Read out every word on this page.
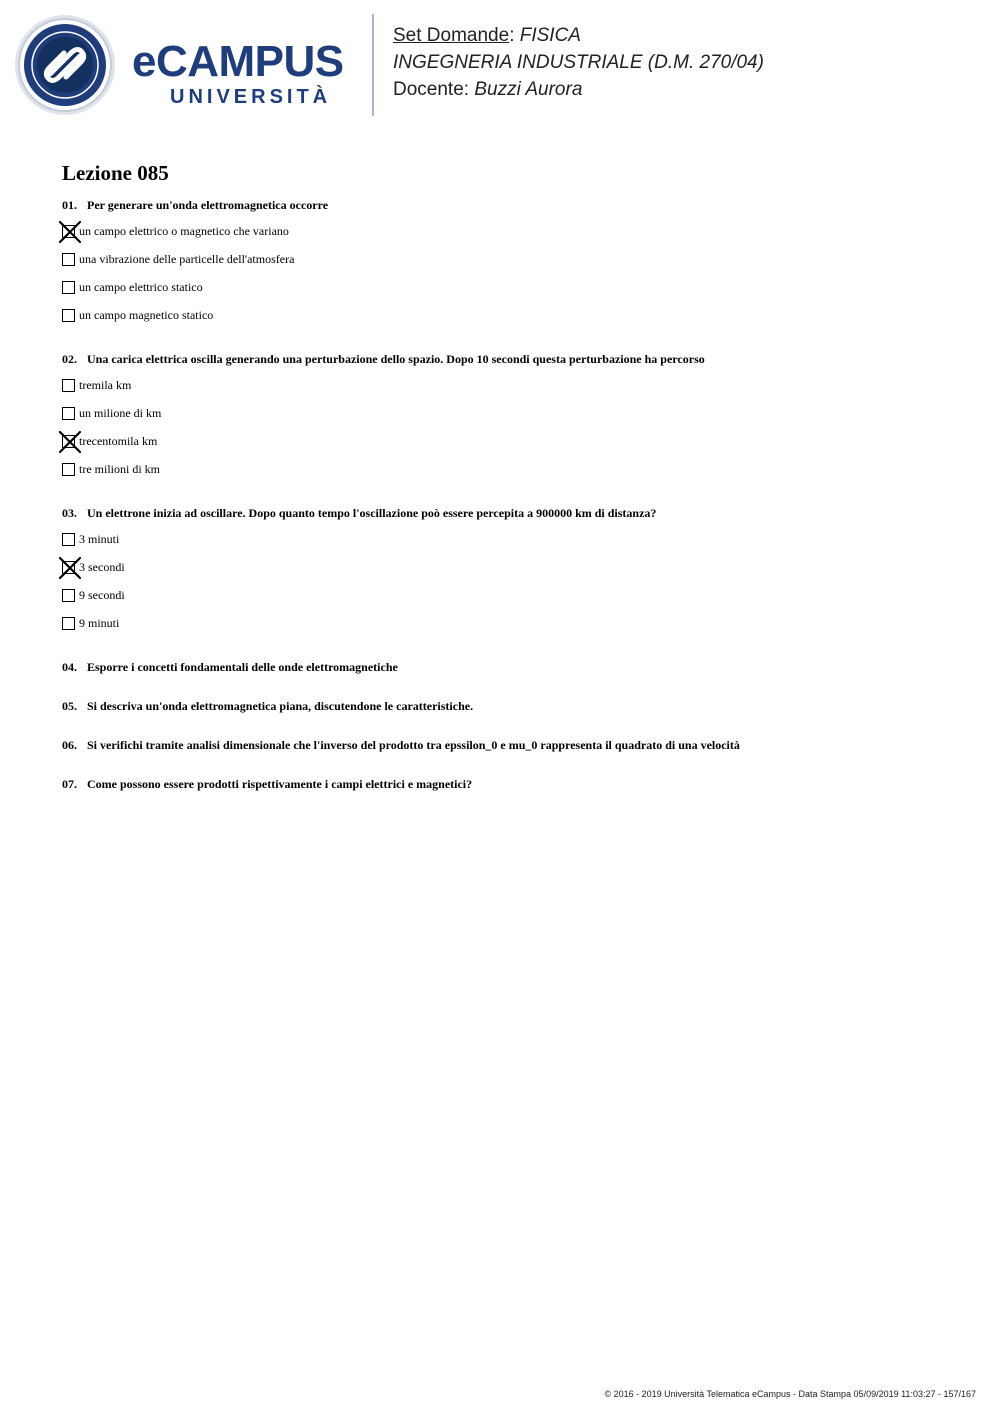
eCAMPUS
UNIVERSITÀ
Set Domande: FISICA
INGEGNERIA INDUSTRIALE (D.M. 270/04)
Docente: Buzzi Aurora
Lezione 085
01. Per generare un'onda elettromagnetica occorre
un campo elettrico o magnetico che variano
una vibrazione delle particelle dell'atmosfera
un campo elettrico statico
un campo magnetico statico
02. Una carica elettrica oscilla generando una perturbazione dello spazio. Dopo 10 secondi questa perturbazione ha percorso
tremila km
un milione di km
trecentomila km
tre milioni di km
03. Un elettrone inizia ad oscillare. Dopo quanto tempo l'oscillazione poò essere percepita a 900000 km di distanza?
3 minuti
3 secondi
9 secondi
9 minuti
04. Esporre i concetti fondamentali delle onde elettromagnetiche
05. Si descriva un'onda elettromagnetica piana, discutendone le caratteristiche.
06. Si verifichi tramite analisi dimensionale che l'inverso del prodotto tra epssilon_0 e mu_0 rappresenta il quadrato di una velocità
07. Come possono essere prodotti rispettivamente i campi elettrici e magnetici?
© 2016 - 2019 Università Telematica eCampus - Data Stampa 05/09/2019 11:03:27 - 157/167
